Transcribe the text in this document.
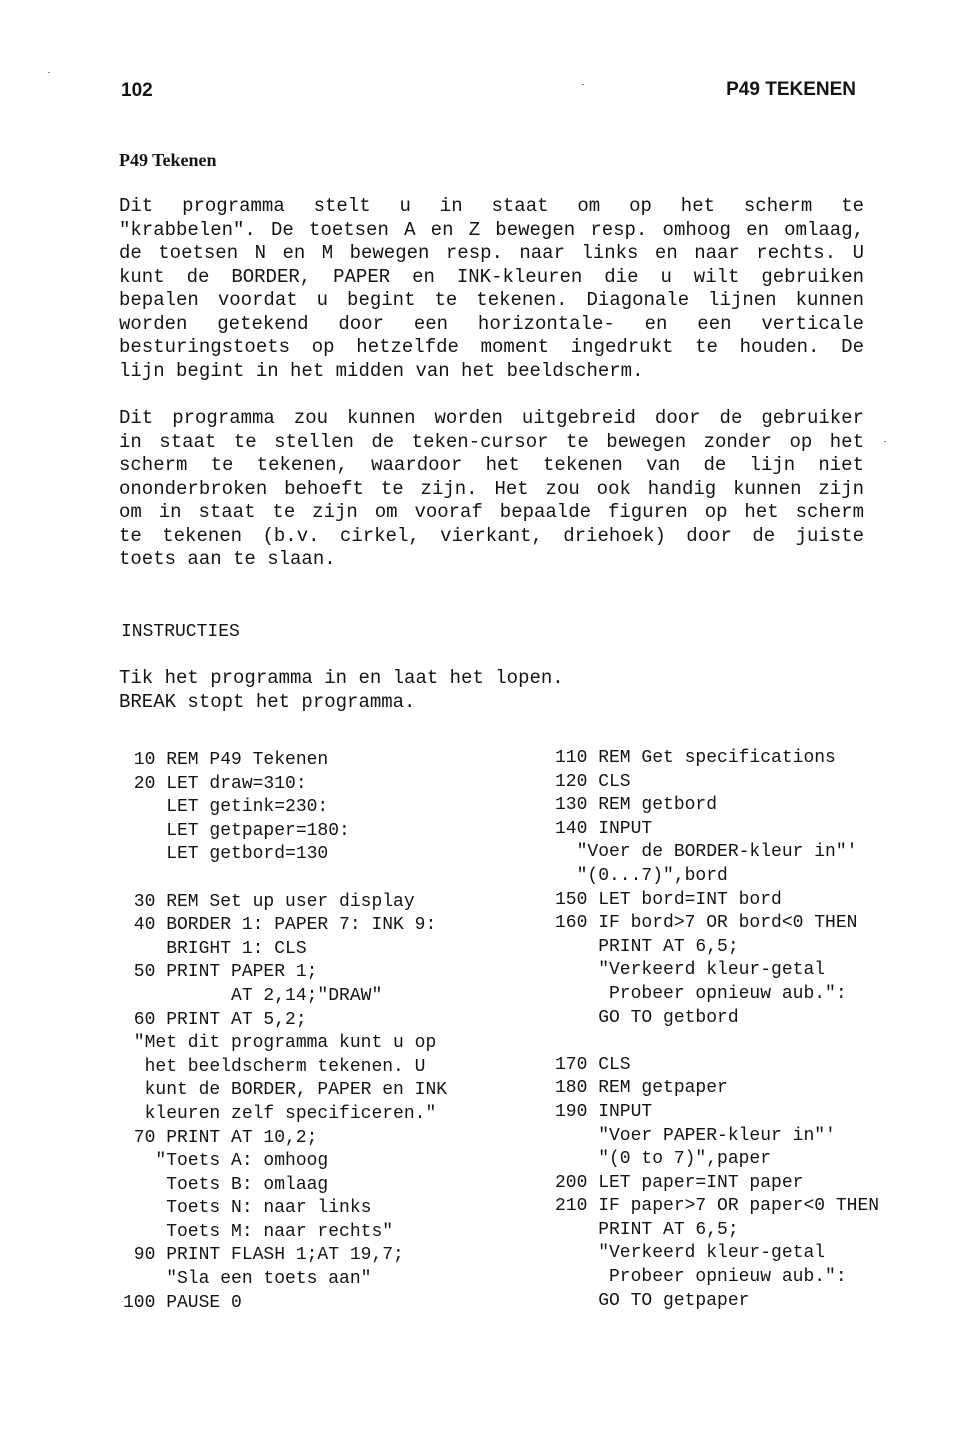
102	P49 TEKENEN
P49 Tekenen
Dit programma stelt u in staat om op het scherm te
"krabbelen". De toetsen A en Z bewegen resp. omhoog en omlaag,
de toetsen N en M bewegen resp. naar links en naar rechts. U
kunt de BORDER, PAPER en INK-kleuren die u wilt gebruiken
bepalen voordat u begint te tekenen. Diagonale lijnen kunnen
worden getekend door een horizontale- en een verticale
besturingstoets op hetzelfde moment ingedrukt te houden. De
lijn begint in het midden van het beeldscherm.
Dit programma zou kunnen worden uitgebreid door de gebruiker
in staat te stellen de teken-cursor te bewegen zonder op het
scherm te tekenen, waardoor het tekenen van de lijn niet
ononderbroken behoeft te zijn. Het zou ook handig kunnen zijn
om in staat te zijn om vooraf bepaalde figuren op het scherm
te tekenen (b.v. cirkel, vierkant, driehoek) door de juiste
toets aan te slaan.
INSTRUCTIES
Tik het programma in en laat het lopen.
BREAK stopt het programma.
10 REM P49 Tekenen
20 LET draw=310:
LET getink=230:
LET getpaper=180:
LET getbord=130
30 REM Set up user display
40 BORDER 1: PAPER 7: INK 9:
BRIGHT 1: CLS
50 PRINT PAPER 1;
AT 2,14;"DRAW"
60 PRINT AT 5,2;
"Met dit programma kunt u op
het beeldscherm tekenen. U
kunt de BORDER, PAPER en INK
kleuren zelf specificeren."
70 PRINT AT 10,2;
"Toets A: omhoog
Toets B: omlaag
Toets N: naar links
Toets M: naar rechts"
90 PRINT FLASH 1;AT 19,7;
"Sla een toets aan"
100 PAUSE 0
110 REM Get specifications
120 CLS
130 REM getbord
140 INPUT
"Voer de BORDER-kleur in"'
"(0...7)",bord
150 LET bord=INT bord
160 IF bord>7 OR bord<0 THEN
PRINT AT 6,5;
"Verkeerd kleur-getal
Probeer opnieuw aub.":
GO TO getbord
170 CLS
180 REM getpaper
190 INPUT
"Voer PAPER-kleur in"'
"(0 to 7)",paper
200 LET paper=INT paper
210 IF paper>7 OR paper<0 THEN
PRINT AT 6,5;
"Verkeerd kleur-getal
Probeer opnieuw aub.":
GO TO getpaper
